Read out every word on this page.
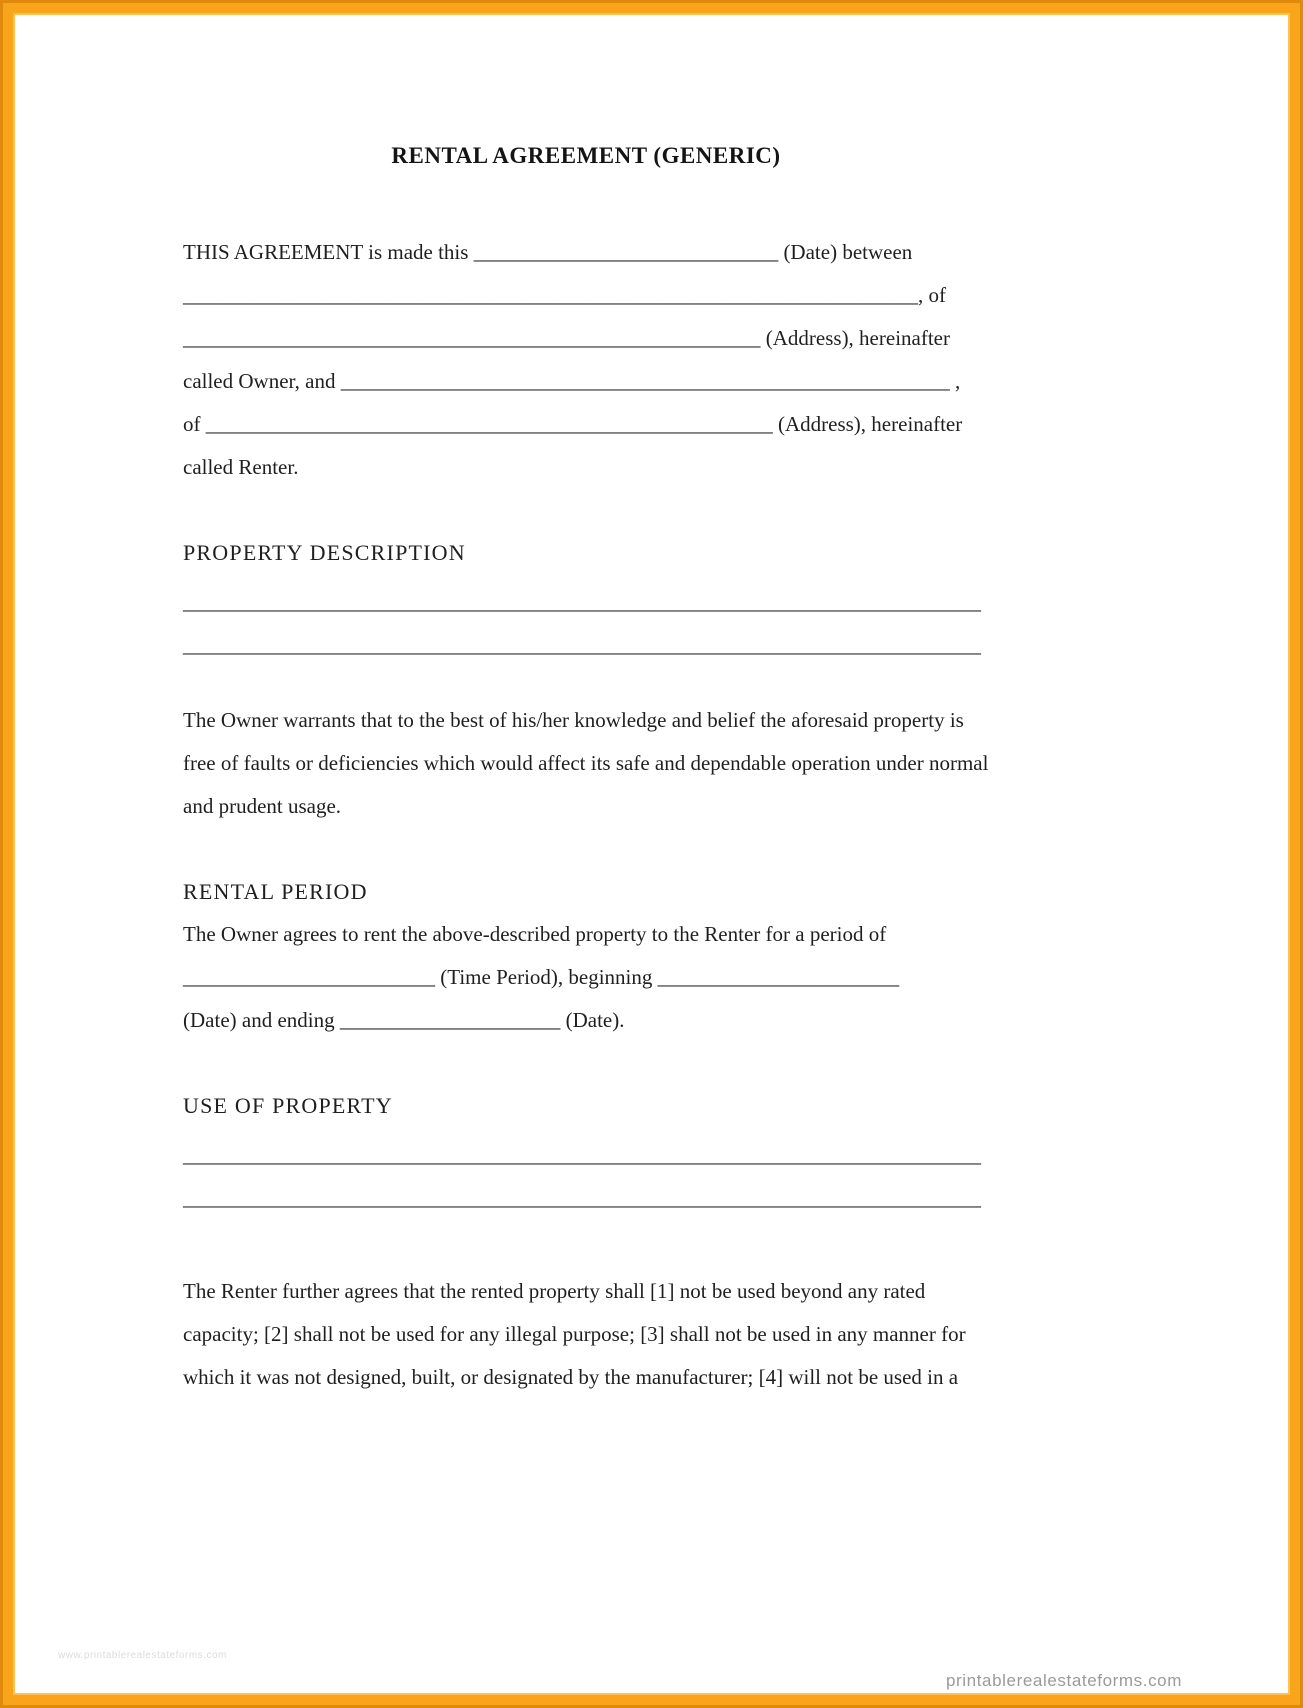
RENTAL AGREEMENT (GENERIC)
THIS AGREEMENT is made this _____________________________ (Date) between
______________________________________________________________________, of
_______________________________________________________ (Address), hereinafter
called Owner, and __________________________________________________________ ,
of ______________________________________________________ (Address), hereinafter
called Renter.
PROPERTY DESCRIPTION
____________________________________________________________________________
____________________________________________________________________________

The Owner warrants that to the best of his/her knowledge and belief the aforesaid property is free of faults or deficiencies which would affect its safe and dependable operation under normal and prudent usage.

RENTAL PERIOD
The Owner agrees to rent the above-described property to the Renter for a period of
________________________ (Time Period), beginning _______________________
(Date) and ending _____________________ (Date).
USE OF PROPERTY
____________________________________________________________________________
____________________________________________________________________________

The Renter further agrees that the rented property shall [1] not be used beyond any rated capacity; [2] shall not be used for any illegal purpose; [3] shall not be used in any manner for which it was not designed, built, or designated by the manufacturer; [4] will not be used in a

www.printablerealestateforms.com
printablerealestateforms.com
